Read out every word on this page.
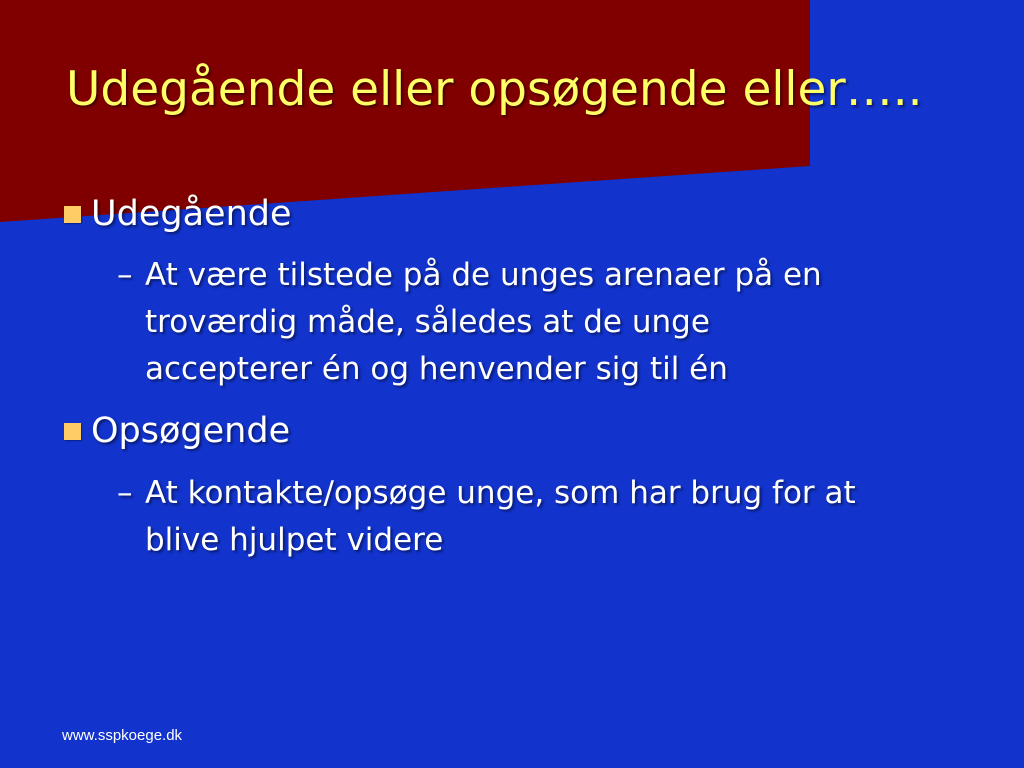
Udegående eller opsøgende eller…..
Udegående
– At være tilstede på de unges arenaer på en
troværdig måde, således at de unge
accepterer én og henvender sig til én
Opsøgende
– At kontakte/opsøge unge, som har brug for at
blive hjulpet videre
www.sspkoege.dk
